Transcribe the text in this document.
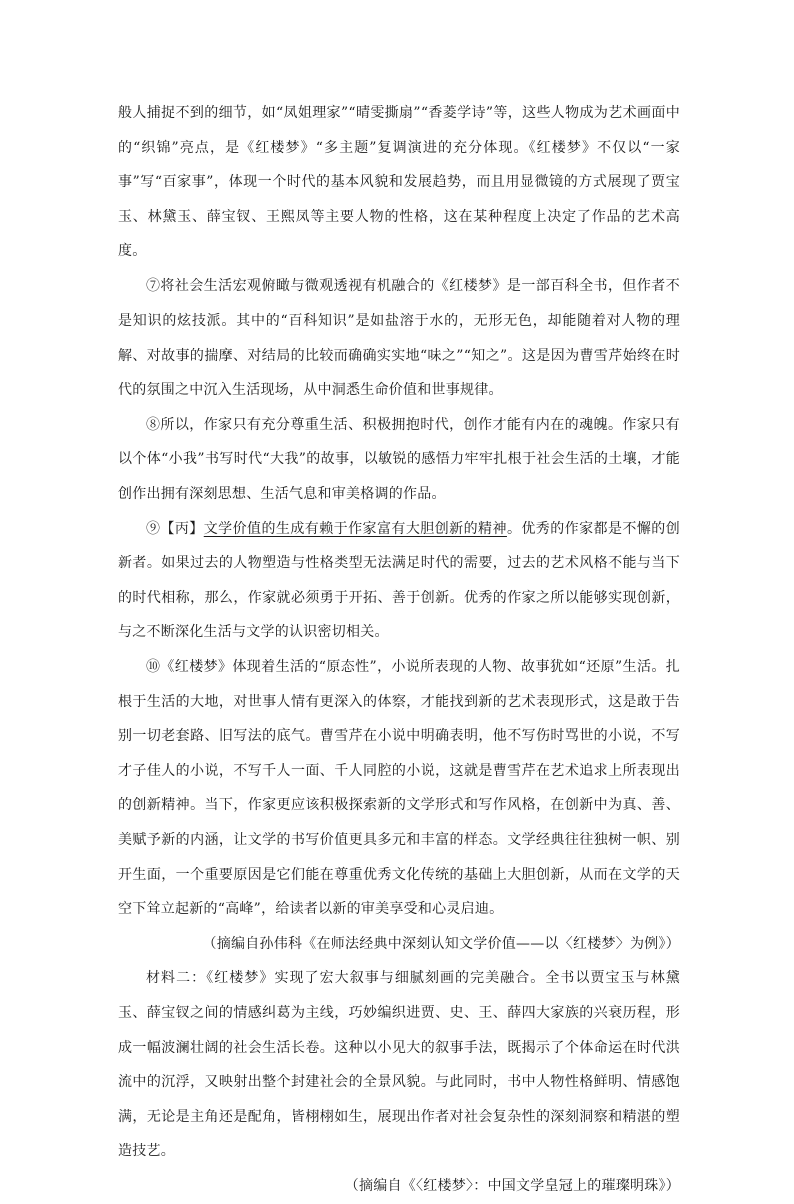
般人捕捉不到的细节，如“凤姐理家”“晴雯撕扇”“香菱学诗”等，这些人物成为艺术画面中的“织锦”亮点，是《红楼梦》“多主题”复调演进的充分体现。《红楼梦》不仅以“一家事”写“百家事”，体现一个时代的基本风貌和发展趋势，而且用显微镜的方式展现了贾宝玉、林黛玉、薛宝钗、王熙凤等主要人物的性格，这在某种程度上决定了作品的艺术高度。

⑦将社会生活宏观俯瞰与微观透视有机融合的《红楼梦》是一部百科全书，但作者不是知识的炫技派。其中的“百科知识”是如盐溶于水的，无形无色，却能随着对人物的理解、对故事的揣摩、对结局的比较而确确实实地“味之”“知之”。这是因为曹雪芹始终在时代的氛围之中沉入生活现场，从中洞悉生命价值和世事规律。

⑧所以，作家只有充分尊重生活、积极拥抱时代，创作才能有内在的魂魄。作家只有以个体“小我”书写时代“大我”的故事，以敏锐的感悟力牢牢扎根于社会生活的土壤，才能创作出拥有深刻思想、生活气息和审美格调的作品。

⑨【丙】文学价值的生成有赖于作家富有大胆创新的精神。优秀的作家都是不懈的创新者。如果过去的人物塑造与性格类型无法满足时代的需要，过去的艺术风格不能与当下的时代相称，那么，作家就必须勇于开拓、善于创新。优秀的作家之所以能够实现创新，与之不断深化生活与文学的认识密切相关。

⑩《红楼梦》体现着生活的“原态性”，小说所表现的人物、故事犹如“还原”生活。扎根于生活的大地，对世事人情有更深入的体察，才能找到新的艺术表现形式，这是敢于告别一切老套路、旧写法的底气。曹雪芹在小说中明确表明，他不写伤时骂世的小说，不写才子佳人的小说，不写千人一面、千人同腔的小说，这就是曹雪芹在艺术追求上所表现出的创新精神。当下，作家更应该积极探索新的文学形式和写作风格，在创新中为真、善、美赋予新的内涵，让文学的书写价值更具多元和丰富的样态。文学经典往往独树一帜、别开生面，一个重要原因是它们能在尊重优秀文化传统的基础上大胆创新，从而在文学的天空下耸立起新的“高峰”，给读者以新的审美享受和心灵启迪。

（摘编自孙伟科《在师法经典中深刻认知文学价值——以〈红楼梦〉为例》）

材料二：《红楼梦》实现了宏大叙事与细腻刻画的完美融合。全书以贾宝玉与林黛玉、薛宝钗之间的情感纠葛为主线，巧妙编织进贾、史、王、薛四大家族的兴衰历程，形成一幅波澜壮阔的社会生活长卷。这种以小见大的叙事手法，既揭示了个体命运在时代洪流中的沉浮，又映射出整个封建社会的全景风貌。与此同时，书中人物性格鲜明、情感饱满，无论是主角还是配角，皆栩栩如生，展现出作者对社会复杂性的深刻洞察和精湛的塑造技艺。

（摘编自《〈红楼梦〉：中国文学皇冠上的璀璨明珠》）
